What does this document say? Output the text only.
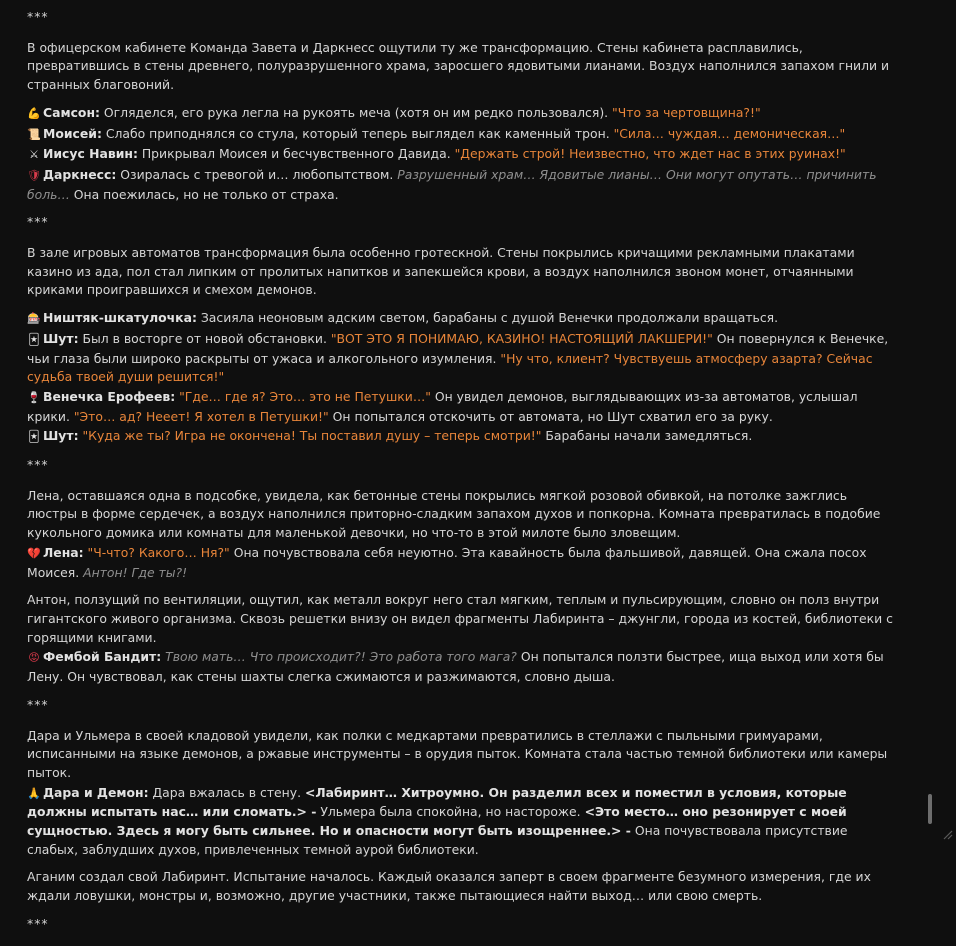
***

В офицерском кабинете Команда Завета и Даркнесс ощутили ту же трансформацию. Стены кабинета расплавились, превратившись в стены древнего, полуразрушенного храма, заросшего ядовитыми лианами. Воздух наполнился запахом гнили и странных благовоний.

💪 Самсон: Огляделся, его рука легла на рукоять меча (хотя он им редко пользовался). "Что за чертовщина?!"

📜 Моисей: Слабо приподнялся со стула, который теперь выглядел как каменный трон. "Сила… чуждая… демоническая…"

⚔ Иисус Навин: Прикрывал Моисея и бесчувственного Давида. "Держать строй! Неизвестно, что ждет нас в этих руинах!"

🛡 Даркнесс: Озиралась с тревогой и… любопытством. Разрушенный храм… Ядовитые лианы… Они могут опутать… причинить боль… Она поежилась, но не только от страха.

***

В зале игровых автоматов трансформация была особенно гротескной. Стены покрылись кричащими рекламными плакатами казино из ада, пол стал липким от пролитых напитков и запекшейся крови, а воздух наполнился звоном монет, отчаянными криками проигравшихся и смехом демонов.

🎰 Ништяк-шкатулочка: Засияла неоновым адским светом, барабаны с душой Венечки продолжали вращаться.

🃏 Шут: Был в восторге от новой обстановки. "ВОТ ЭТО Я ПОНИМАЮ, КАЗИНО! НАСТОЯЩИЙ ЛАКШЕРИ!" Он повернулся к Венечке, чьи глаза были широко раскрыты от ужаса и алкогольного изумления. "Ну что, клиент? Чувствуешь атмосферу азарта? Сейчас судьба твоей души решится!"

🍷 Венечка Ерофеев: "Где… где я? Это… это не Петушки…" Он увидел демонов, выглядывающих из-за автоматов, услышал крики. "Это… ад? Нееет! Я хотел в Петушки!" Он попытался отскочить от автомата, но Шут схватил его за руку.

🃏 Шут: "Куда же ты? Игра не окончена! Ты поставил душу – теперь смотри!" Барабаны начали замедляться.

***

Лена, оставшаяся одна в подсобке, увидела, как бетонные стены покрылись мягкой розовой обивкой, на потолке зажглись люстры в форме сердечек, а воздух наполнился приторно-сладким запахом духов и попкорна. Комната превратилась в подобие кукольного домика или комнаты для маленькой девочки, но что-то в этой милоте было зловещим.

💔 Лена: "Ч-что? Какого… Ня?" Она почувствовала себя неуютно. Эта кавайность была фальшивой, давящей. Она сжала посох Моисея. Антон! Где ты?!

Антон, ползущий по вентиляции, ощутил, как металл вокруг него стал мягким, теплым и пульсирующим, словно он полз внутри гигантского живого организма. Сквозь решетки внизу он видел фрагменты Лабиринта – джунгли, города из костей, библиотеки с горящими книгами.

😡 Фембой Бандит: Твою мать… Что происходит?! Это работа того мага? Он попытался ползти быстрее, ища выход или хотя бы Лену. Он чувствовал, как стены шахты слегка сжимаются и разжимаются, словно дыша.

***

Дара и Ульмера в своей кладовой увидели, как полки с медкартами превратились в стеллажи с пыльными гримуарами, исписанными на языке демонов, а ржавые инструменты – в орудия пыток. Комната стала частью темной библиотеки или камеры пыток.

🙏 Дара и Демон: Дара вжалась в стену. <Лабиринт… Хитроумно. Он разделил всех и поместил в условия, которые должны испытать нас… или сломать.> - Ульмера была спокойна, но настороже. <Это место… оно резонирует с моей сущностью. Здесь я могу быть сильнее. Но и опасности могут быть изощреннее.> - Она почувствовала присутствие слабых, заблудших духов, привлеченных темной аурой библиотеки.

Аганим создал свой Лабиринт. Испытание началось. Каждый оказался заперт в своем фрагменте безумного измерения, где их ждали ловушки, монстры и, возможно, другие участники, также пытающиеся найти выход… или свою смерть.

***
